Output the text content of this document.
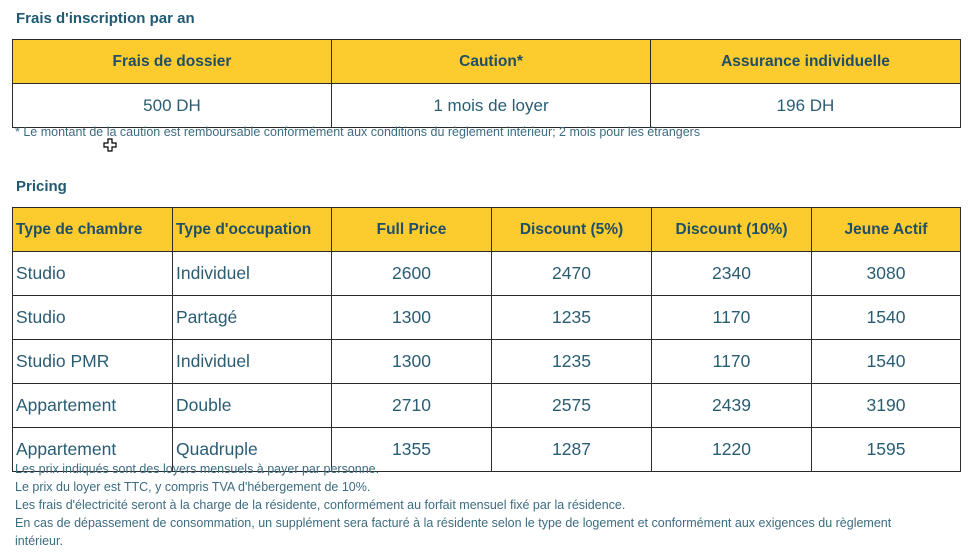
Frais d'inscription par an
Frais de dossier	Caution*	Assurance individuelle
500 DH	1 mois de loyer	196 DH
* Le montant de la caution est remboursable conformément aux conditions du règlement intérieur; 2 mois pour les étrangers
Pricing
Type de chambre	Type d'occupation	Full Price	Discount (5%)	Discount (10%)	Jeune Actif
Studio	Individuel	2600	2470	2340	3080
Studio	Partagé	1300	1235	1170	1540
Studio PMR	Individuel	1300	1235	1170	1540
Appartement	Double	2710	2575	2439	3190
Appartement	Quadruple	1355	1287	1220	1595
Les prix indiqués sont des loyers mensuels à payer par personne.
Le prix du loyer est TTC, y compris TVA d'hébergement de 10%.
Les frais d'électricité seront à la charge de la résidente, conformément au forfait mensuel fixé par la résidence.
En cas de dépassement de consommation, un supplément sera facturé à la résidente selon le type de logement et conformément aux exigences du règlement intérieur.
